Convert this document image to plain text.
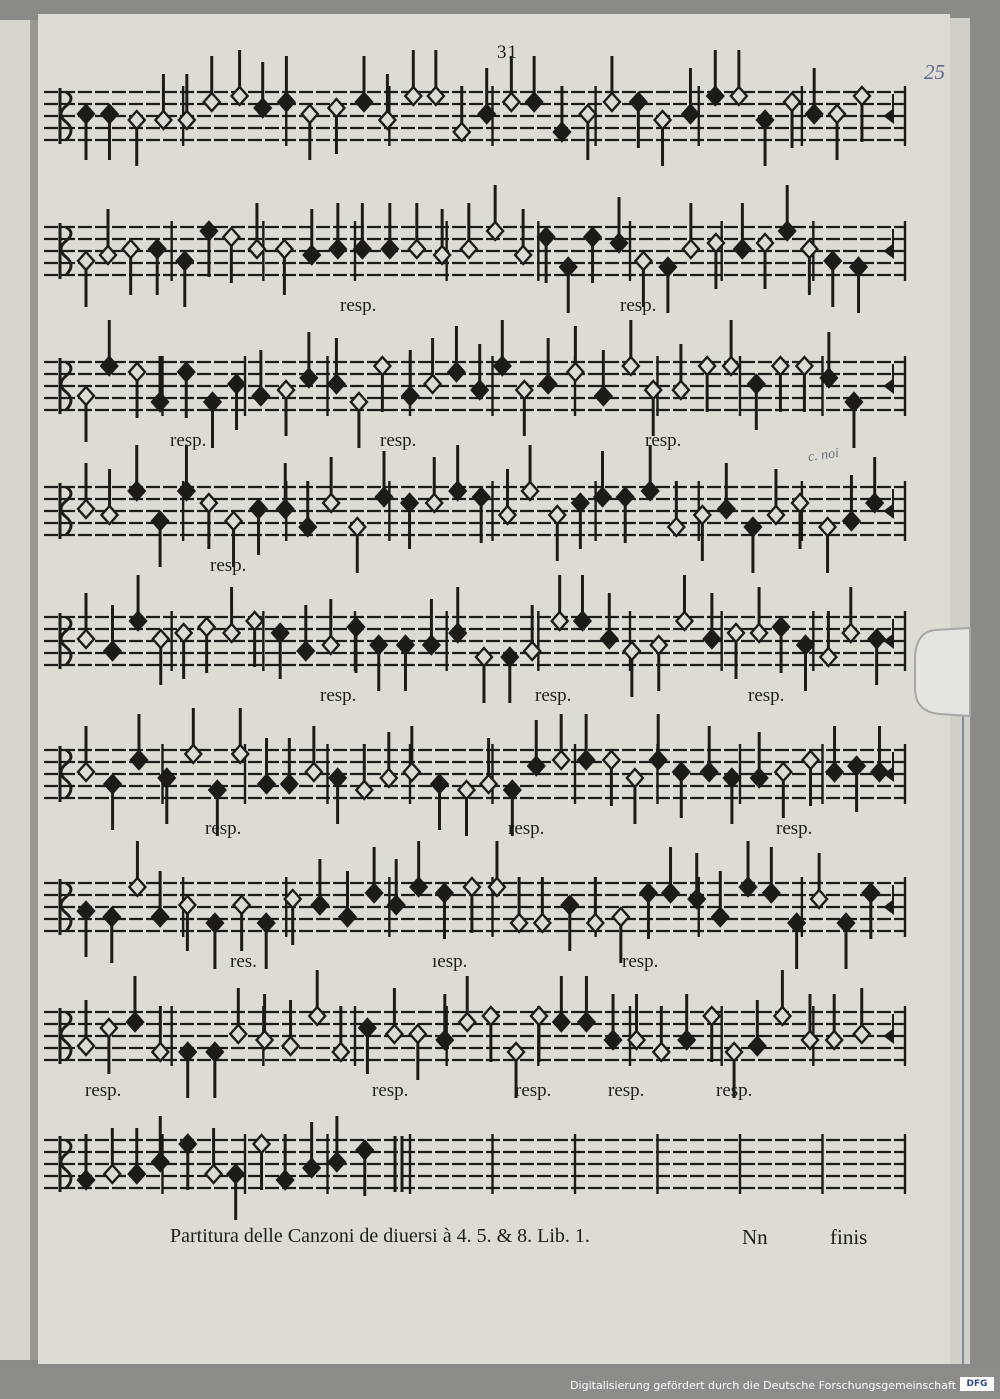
31
25
c. noi
resp.	resp.
resp.	resp.	resp.
resp.
resp.	resp.	resp.
resp.	resp.	resp.
res.	ıesp.	resp.
resp.	resp.	resp.	resp.	resp.
Partitura delle Canzoni de diuersi à 4. 5. & 8. Lib. 1.	Nn	finis
Digitalisierung gefördert durch die Deutsche Forschungsgemeinschaft	DFG
